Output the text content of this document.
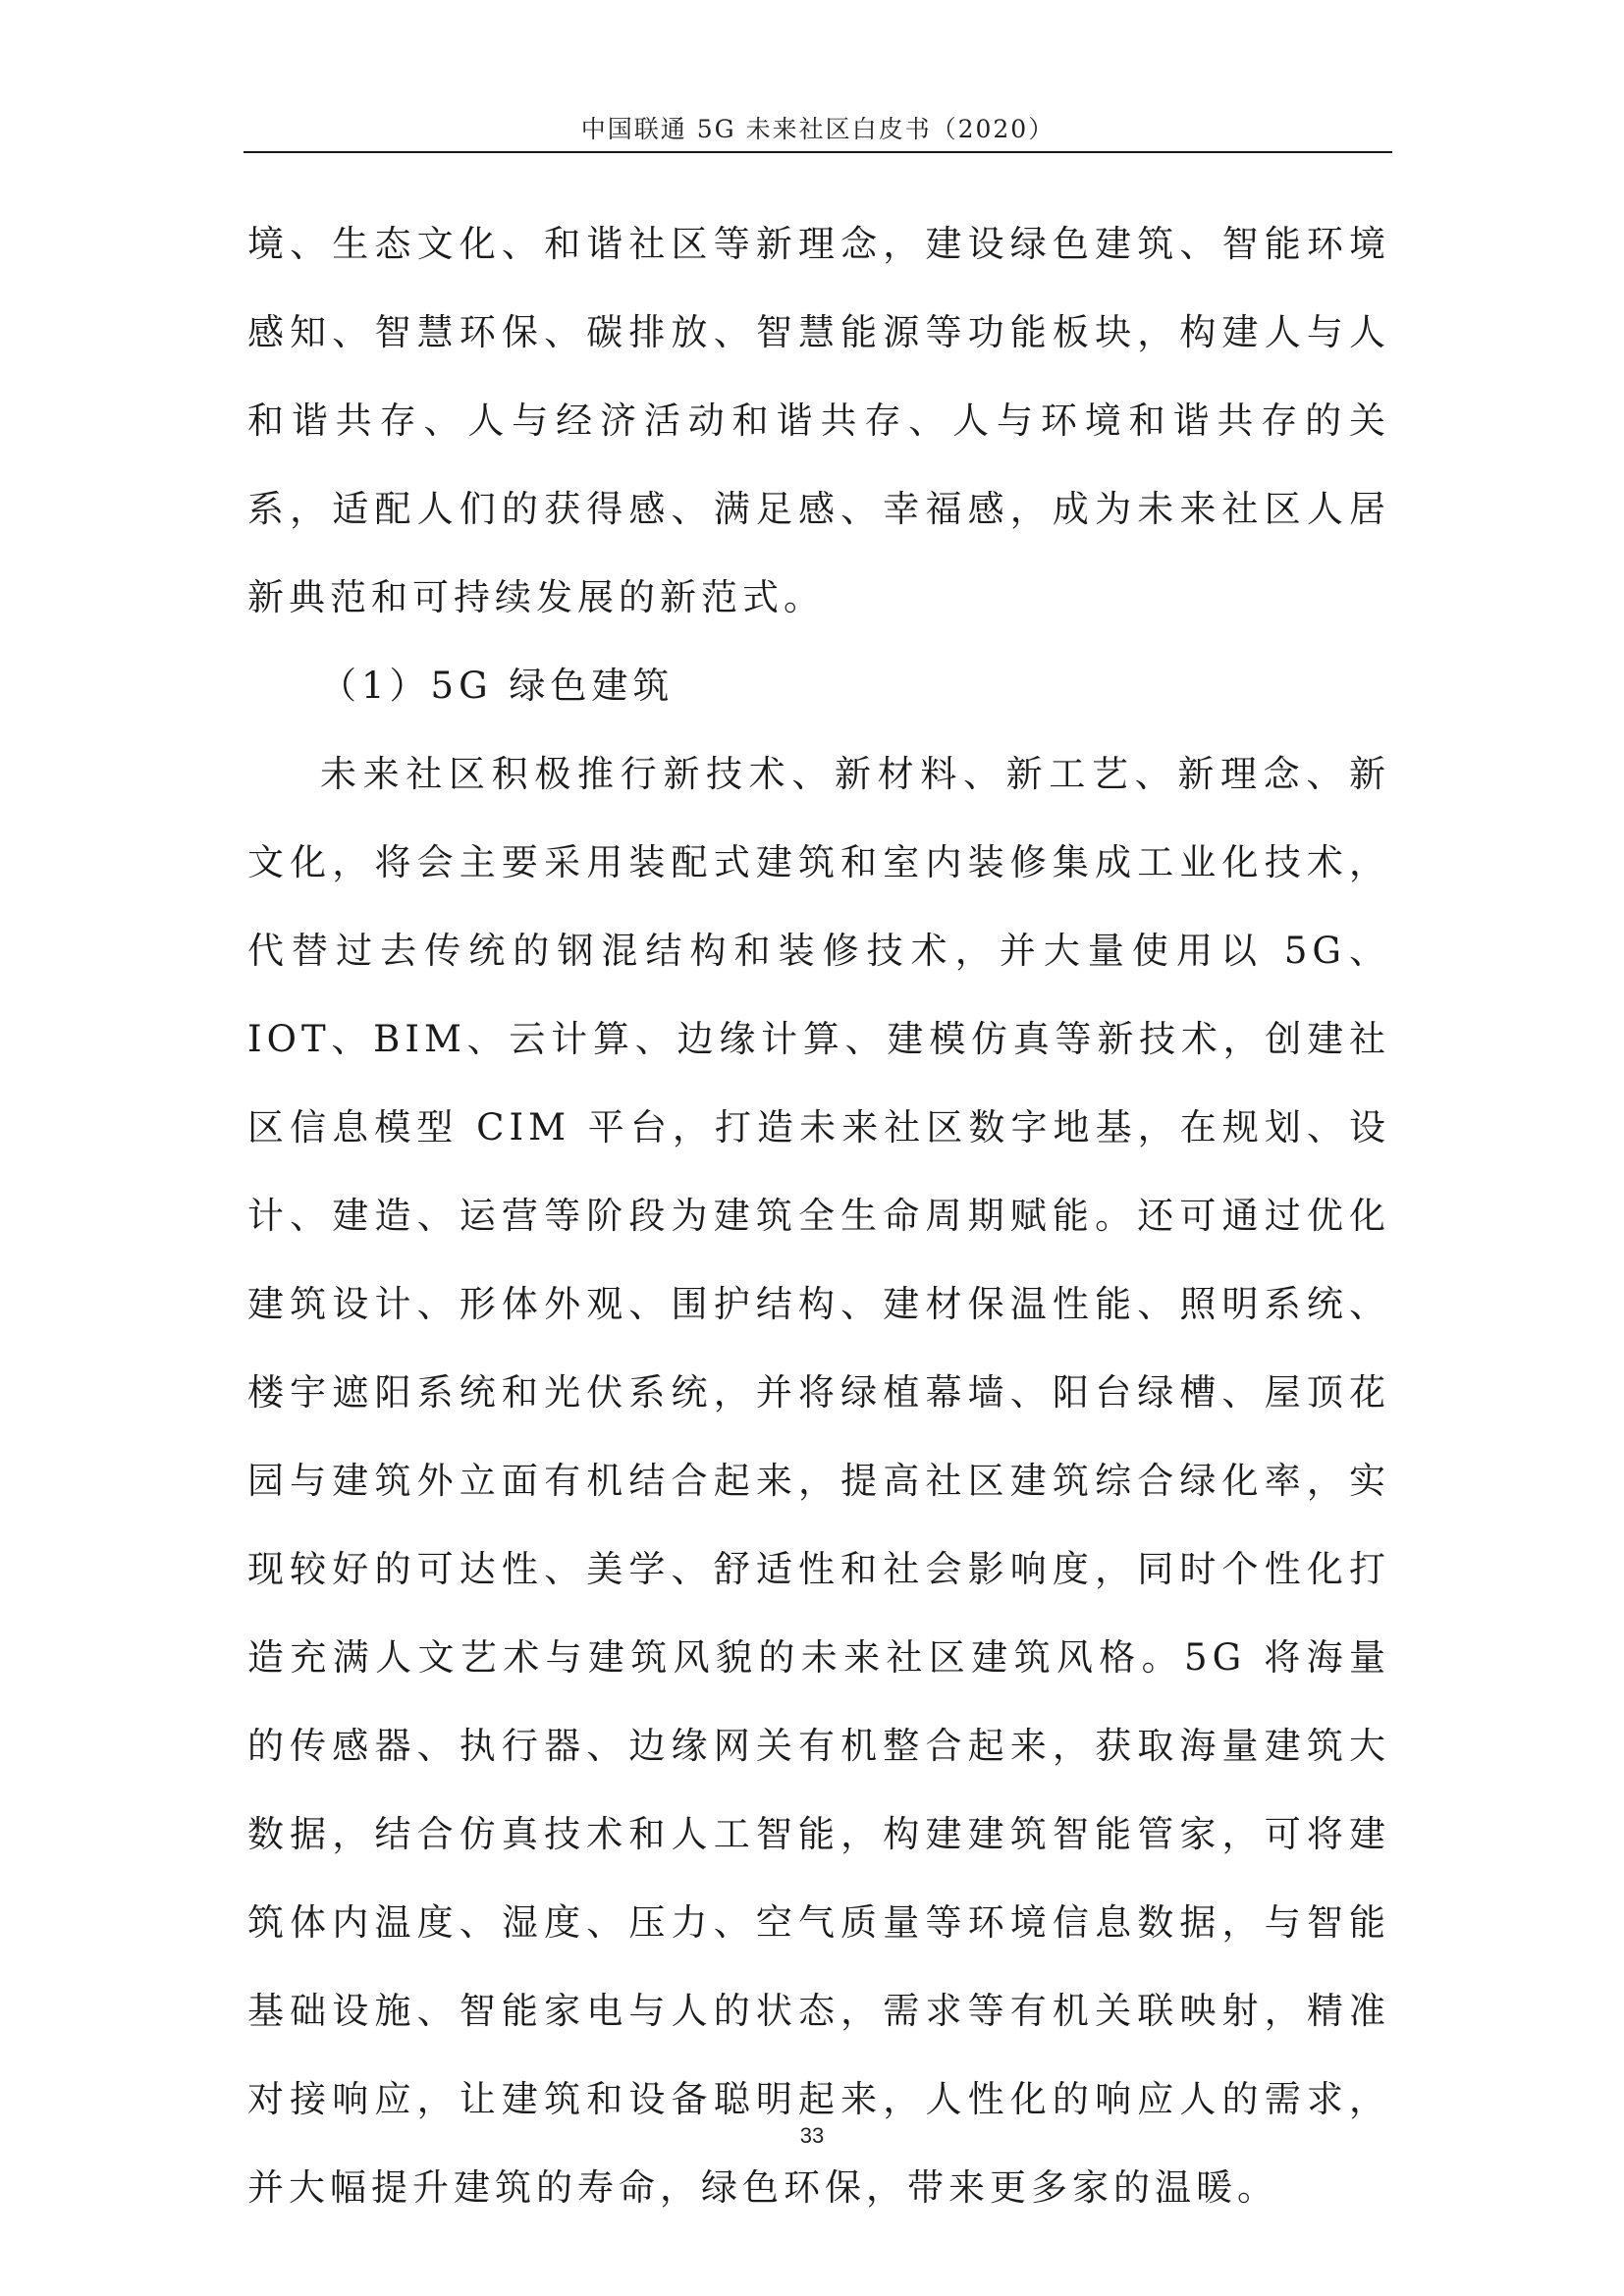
中国联通 5G 未来社区白皮书（2020）

境、生态文化、和谐社区等新理念，建设绿色建筑、智能环境感知、智慧环保、碳排放、智慧能源等功能板块，构建人与人和谐共存、人与经济活动和谐共存、人与环境和谐共存的关系，适配人们的获得感、满足感、幸福感，成为未来社区人居新典范和可持续发展的新范式。

（1）5G 绿色建筑

未来社区积极推行新技术、新材料、新工艺、新理念、新文化，将会主要采用装配式建筑和室内装修集成工业化技术，代替过去传统的钢混结构和装修技术，并大量使用以 5G、IOT、BIM、云计算、边缘计算、建模仿真等新技术，创建社区信息模型 CIM 平台，打造未来社区数字地基，在规划、设计、建造、运营等阶段为建筑全生命周期赋能。还可通过优化建筑设计、形体外观、围护结构、建材保温性能、照明系统、楼宇遮阳系统和光伏系统，并将绿植幕墙、阳台绿槽、屋顶花园与建筑外立面有机结合起来，提高社区建筑综合绿化率，实现较好的可达性、美学、舒适性和社会影响度，同时个性化打造充满人文艺术与建筑风貌的未来社区建筑风格。5G 将海量的传感器、执行器、边缘网关有机整合起来，获取海量建筑大数据，结合仿真技术和人工智能，构建建筑智能管家，可将建筑体内温度、湿度、压力、空气质量等环境信息数据，与智能基础设施、智能家电与人的状态，需求等有机关联映射，精准对接响应，让建筑和设备聪明起来，人性化的响应人的需求，并大幅提升建筑的寿命，绿色环保，带来更多家的温暖。

33
